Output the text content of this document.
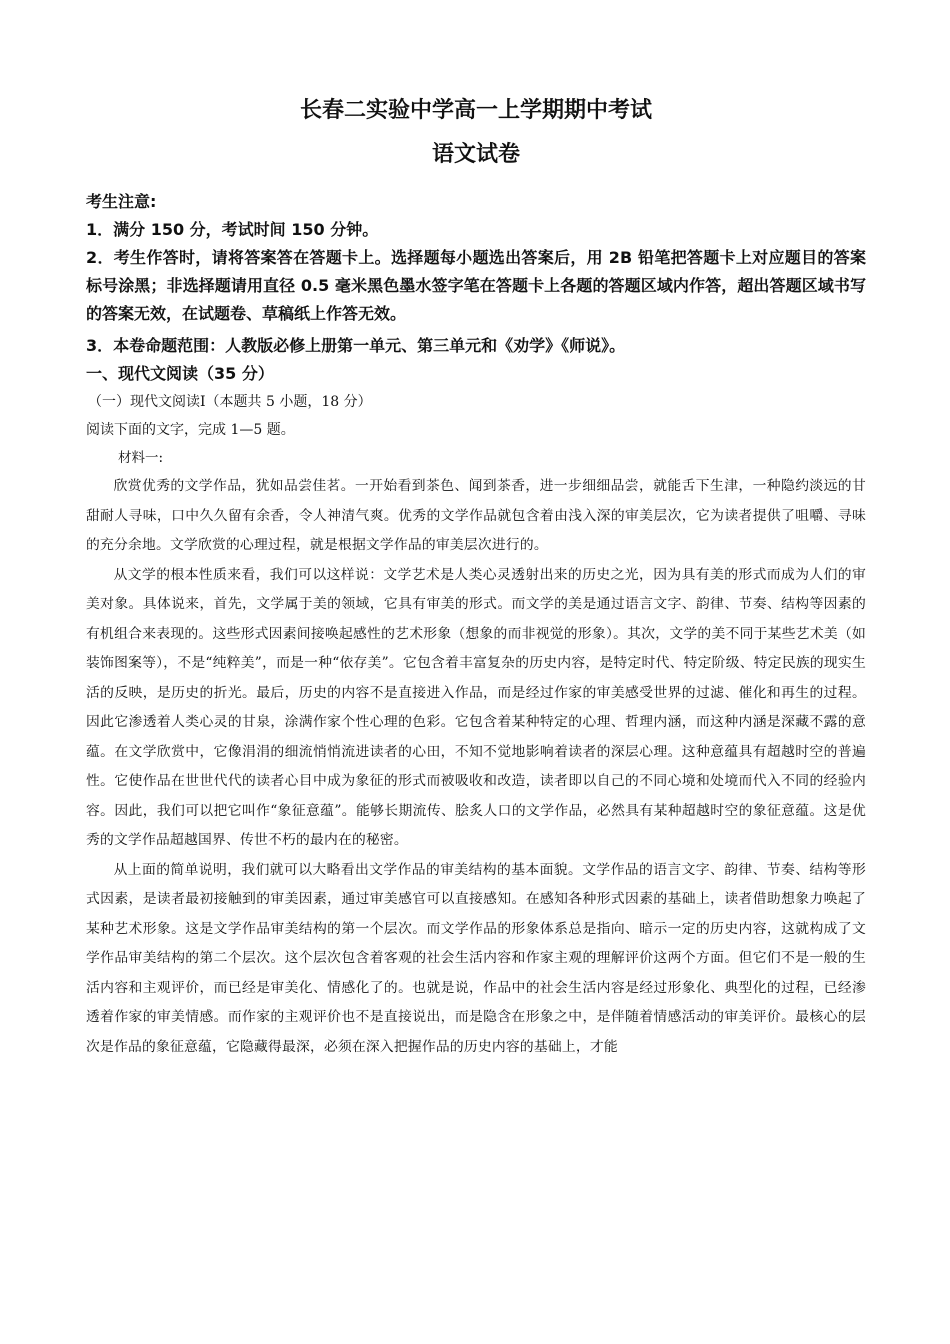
长春二实验中学高一上学期期中考试
语文试卷

考生注意:

1．满分 150 分，考试时间 150 分钟。

2．考生作答时，请将答案答在答题卡上。选择题每小题选出答案后，用 2B 铅笔把答题卡上对应题目的答案标号涂黑；非选择题请用直径 0.5 毫米黑色墨水签字笔在答题卡上各题的答题区域内作答，超出答题区域书写的答案无效，在试题卷、草稿纸上作答无效。

3．本卷命题范围：人教版必修上册第一单元、第三单元和《劝学》《师说》。

一、现代文阅读（35 分）

（一）现代文阅读Ⅰ（本题共 5 小题，18 分）

阅读下面的文字，完成 1—5 题。

材料一:

欣赏优秀的文学作品，犹如品尝佳茗。一开始看到茶色、闻到茶香，进一步细细品尝，就能舌下生津，一种隐约淡远的甘甜耐人寻味，口中久久留有余香，令人神清气爽。优秀的文学作品就包含着由浅入深的审美层次，它为读者提供了咀嚼、寻味的充分余地。文学欣赏的心理过程，就是根据文学作品的审美层次进行的。

从文学的根本性质来看，我们可以这样说：文学艺术是人类心灵透射出来的历史之光，因为具有美的形式而成为人们的审美对象。具体说来，首先，文学属于美的领域，它具有审美的形式。而文学的美是通过语言文字、韵律、节奏、结构等因素的有机组合来表现的。这些形式因素间接唤起感性的艺术形象（想象的而非视觉的形象）。其次，文学的美不同于某些艺术美（如装饰图案等），不是“纯粹美”，而是一种“依存美”。它包含着丰富复杂的历史内容，是特定时代、特定阶级、特定民族的现实生活的反映，是历史的折光。最后，历史的内容不是直接进入作品，而是经过作家的审美感受世界的过滤、催化和再生的过程。因此它渗透着人类心灵的甘泉，涂满作家个性心理的色彩。它包含着某种特定的心理、哲理内涵，而这种内涵是深藏不露的意蕴。在文学欣赏中，它像涓涓的细流悄悄流进读者的心田，不知不觉地影响着读者的深层心理。这种意蕴具有超越时空的普遍性。它使作品在世世代代的读者心目中成为象征的形式而被吸收和改造，读者即以自己的不同心境和处境而代入不同的经验内容。因此，我们可以把它叫作“象征意蕴”。能够长期流传、脍炙人口的文学作品，必然具有某种超越时空的象征意蕴。这是优秀的文学作品超越国界、传世不朽的最内在的秘密。

从上面的简单说明，我们就可以大略看出文学作品的审美结构的基本面貌。文学作品的语言文字、韵律、节奏、结构等形式因素，是读者最初接触到的审美因素，通过审美感官可以直接感知。在感知各种形式因素的基础上，读者借助想象力唤起了某种艺术形象。这是文学作品审美结构的第一个层次。而文学作品的形象体系总是指向、暗示一定的历史内容，这就构成了文学作品审美结构的第二个层次。这个层次包含着客观的社会生活内容和作家主观的理解评价这两个方面。但它们不是一般的生活内容和主观评价，而已经是审美化、情感化了的。也就是说，作品中的社会生活内容是经过形象化、典型化的过程，已经渗透着作家的审美情感。而作家的主观评价也不是直接说出，而是隐含在形象之中，是伴随着情感活动的审美评价。最核心的层次是作品的象征意蕴，它隐藏得最深，必须在深入把握作品的历史内容的基础上，才能
